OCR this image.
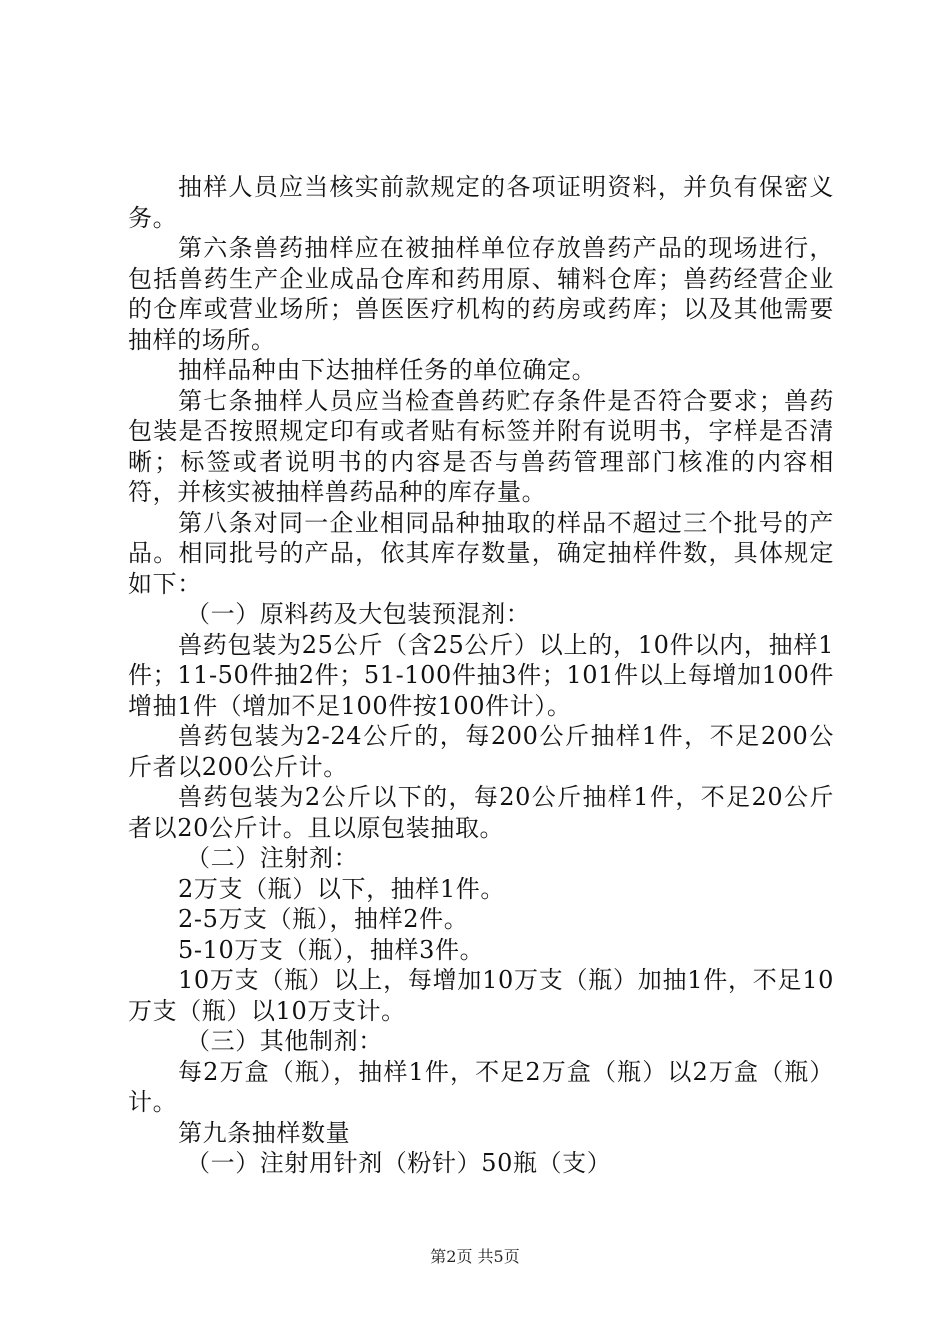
抽样人员应当核实前款规定的各项证明资料，并负有保密义务。

第六条兽药抽样应在被抽样单位存放兽药产品的现场进行，包括兽药生产企业成品仓库和药用原、辅料仓库；兽药经营企业的仓库或营业场所；兽医医疗机构的药房或药库；以及其他需要抽样的场所。

抽样品种由下达抽样任务的单位确定。

第七条抽样人员应当检查兽药贮存条件是否符合要求；兽药包装是否按照规定印有或者贴有标签并附有说明书，字样是否清晰；标签或者说明书的内容是否与兽药管理部门核准的内容相符，并核实被抽样兽药品种的库存量。

第八条对同一企业相同品种抽取的样品不超过三个批号的产品。相同批号的产品，依其库存数量，确定抽样件数，具体规定如下：

（一）原料药及大包装预混剂：

兽药包装为25公斤（含25公斤）以上的，10件以内，抽样1件；11-50件抽2件；51-100件抽3件；101件以上每增加100件增抽1件（增加不足100件按100件计）。

兽药包装为2-24公斤的，每200公斤抽样1件，不足200公斤者以200公斤计。

兽药包装为2公斤以下的，每20公斤抽样1件，不足20公斤者以20公斤计。且以原包装抽取。

（二）注射剂：

2万支（瓶）以下，抽样1件。

2-5万支（瓶），抽样2件。

5-10万支（瓶），抽样3件。

10万支（瓶）以上，每增加10万支（瓶）加抽1件，不足10万支（瓶）以10万支计。

（三）其他制剂：

每2万盒（瓶），抽样1件，不足2万盒（瓶）以2万盒（瓶）计。

第九条抽样数量

（一）注射用针剂（粉针）50瓶（支）

第2页 共5页
